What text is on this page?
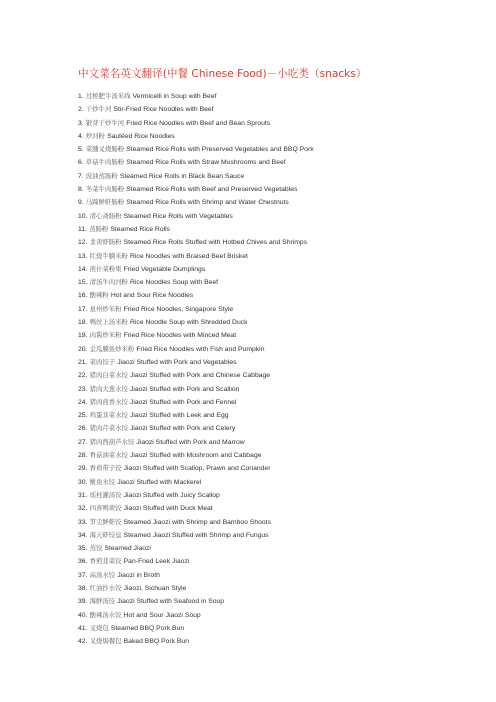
中文菜名英文翻译(中餐 Chinese Food)－小吃类（snacks）
1. 过桥肥牛汤米线 Vermicelli in Soup with Beef
2. 干炒牛河 Stir-Fried Rice Noodles with Beef
3. 银芽干炒牛河 Fried Rice Noodles with Beef and Bean Sprouts
4. 炒河粉 Sautéed Rice Noodles
5. 菜脯叉烧肠粉 Steamed Rice Rolls with Preserved Vegetables and BBQ Pork
6. 草菇牛肉肠粉 Steamed Rice Rolls with Straw Mushrooms and Beef
7. 豉油蒸肠粉 Steamed Rice Rolls in Black Bean Sauce
8. 冬菜牛肉肠粉 Steamed Rice Rolls with Beef and Preserved Vegetables
9. 马蹄鲜虾肠粉 Steamed Rice Rolls with Shrimp and Water Chestnuts
10. 清心斋肠粉 Steamed Rice Rolls with Vegetables
11. 蒸肠粉 Steamed Rice Rolls
12. 韭黄虾肠粉 Steamed Rice Rolls Stuffed with Hotbed Chives and Shrimps
13. 红烧牛腩米粉 Rice Noodles with Braised Beef Brisket
14. 煎什菜粉果 Fried Vegetable Dumplings
15. 清汤牛肉河粉 Rice Noodles Soup with Beef
16. 酸辣粉 Hot and Sour Rice Noodles
17. 星州炒米粉 Fried Rice Noodles, Singapore Style
18. 鸭丝上汤米粉 Rice Noodle Soup with Shredded Duck
19. 肉酱炒米粉 Fried Rice Noodles with Minced Meat
20. 金瓜腩鱼炒米粉 Fried Rice Noodles with Fish and Pumpkin
21. 菜肉饺子 Jiaozi Stuffed with Pork and Vegetables
22. 猪肉白菜水饺 Jiaozi Stuffed with Pork and Chinese Cabbage
23. 猪肉大葱水饺 Jiaozi Stuffed with Pork and Scallion
24. 猪肉茴香水饺 Jiaozi Stuffed with Pork and Fennel
25. 鸡蛋韭菜水饺 Jiaozi Stuffed with Leek and Egg
26. 猪肉芹菜水饺 Jiaozi Stuffed with Pork and Celery
27. 猪肉西葫芦水饺 Jiaozi Stuffed with Pork and Marrow
28. 香菇油菜水饺 Jiaozi Stuffed with Mushroom and Cabbage
29. 香荷带子饺 Jiaozi Stuffed with Scallop, Prawn and Coriander
30. 鲅鱼水饺 Jiaozi Stuffed with Mackerel
31. 瑶柱灌汤饺 Jiaozi Stuffed with Juicy Scallop
32. 四喜鸭荷饺 Jiaozi Stuffed with Duck Meat
33. 笋尖鲜虾饺 Steamed Jiaozi with Shrimp and Bamboo Shoots
34. 海天虾饺皇 Steamed Jiaozi Stuffed with Shrimp and Fungus
35. 蒸饺 Steamed Jiaozi
36. 香煎韭菜饺 Pan-Fried Leek Jiaozi
37. 高汤水饺 Jiaozi in Broth
38. 红油抄水饺 Jiaozi, Sichuan Style
39. 海鲜汤饺 Jiaozi Stuffed with Seafood in Soup
40. 酸辣汤水饺 Hot and Sour Jiaozi Soup
41. 叉烧包 Steamed BBQ Pork Bun
42. 叉烧焗餐包 Baked BBQ Pork Bun
